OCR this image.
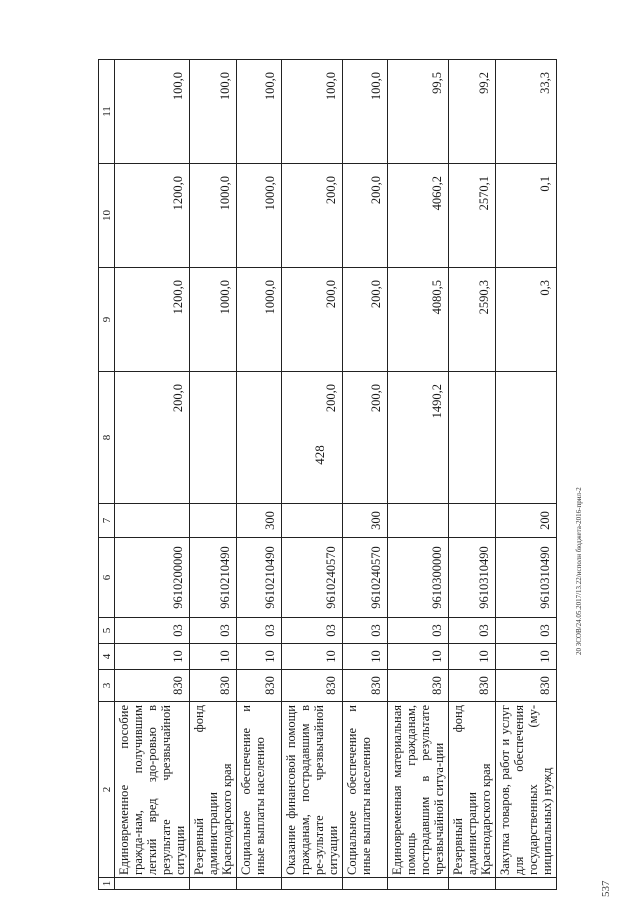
428
1	2	3	4	5	6	7	8	9	10	11
	Единовременное пособие гражда-нам, получившим легкий вред здо-ровью в результате чрезвычайной ситуации	830	10	03	9610200000		200,0	1200,0	1200,0	100,0
	Резервный фонд администрации Краснодарского края	830	10	03	9610210490			1000,0	1000,0	100,0
	Социальное обеспечение и иные выплаты населению	830	10	03	9610210490	300		1000,0	1000,0	100,0
	Оказание финансовой помощи гражданам, пострадавшим в ре-зультате чрезвычайной ситуации	830	10	03	9610240570		200,0	200,0	200,0	100,0
	Социальное обеспечение и иные выплаты населению	830	10	03	9610240570	300	200,0	200,0	200,0	100,0
	Единовременная материальная помощь гражданам, пострадавшим в результате чрезвычайной ситуа-ции	830	10	03	9610300000		1490,2	4080,5	4060,2	99,5
	Резервный фонд администрации Краснодарского края	830	10	03	9610310490			2590,3	2570,1	99,2
	Закупка товаров, работ и услуг для обеспечения государственных (му-ниципальных) нужд	830	10	03	9610310490	200		0,3	0,1	33,3
20 ЗСОВ/24.05.2017/13.22/исполн бюджета-2016-прил-2
537
